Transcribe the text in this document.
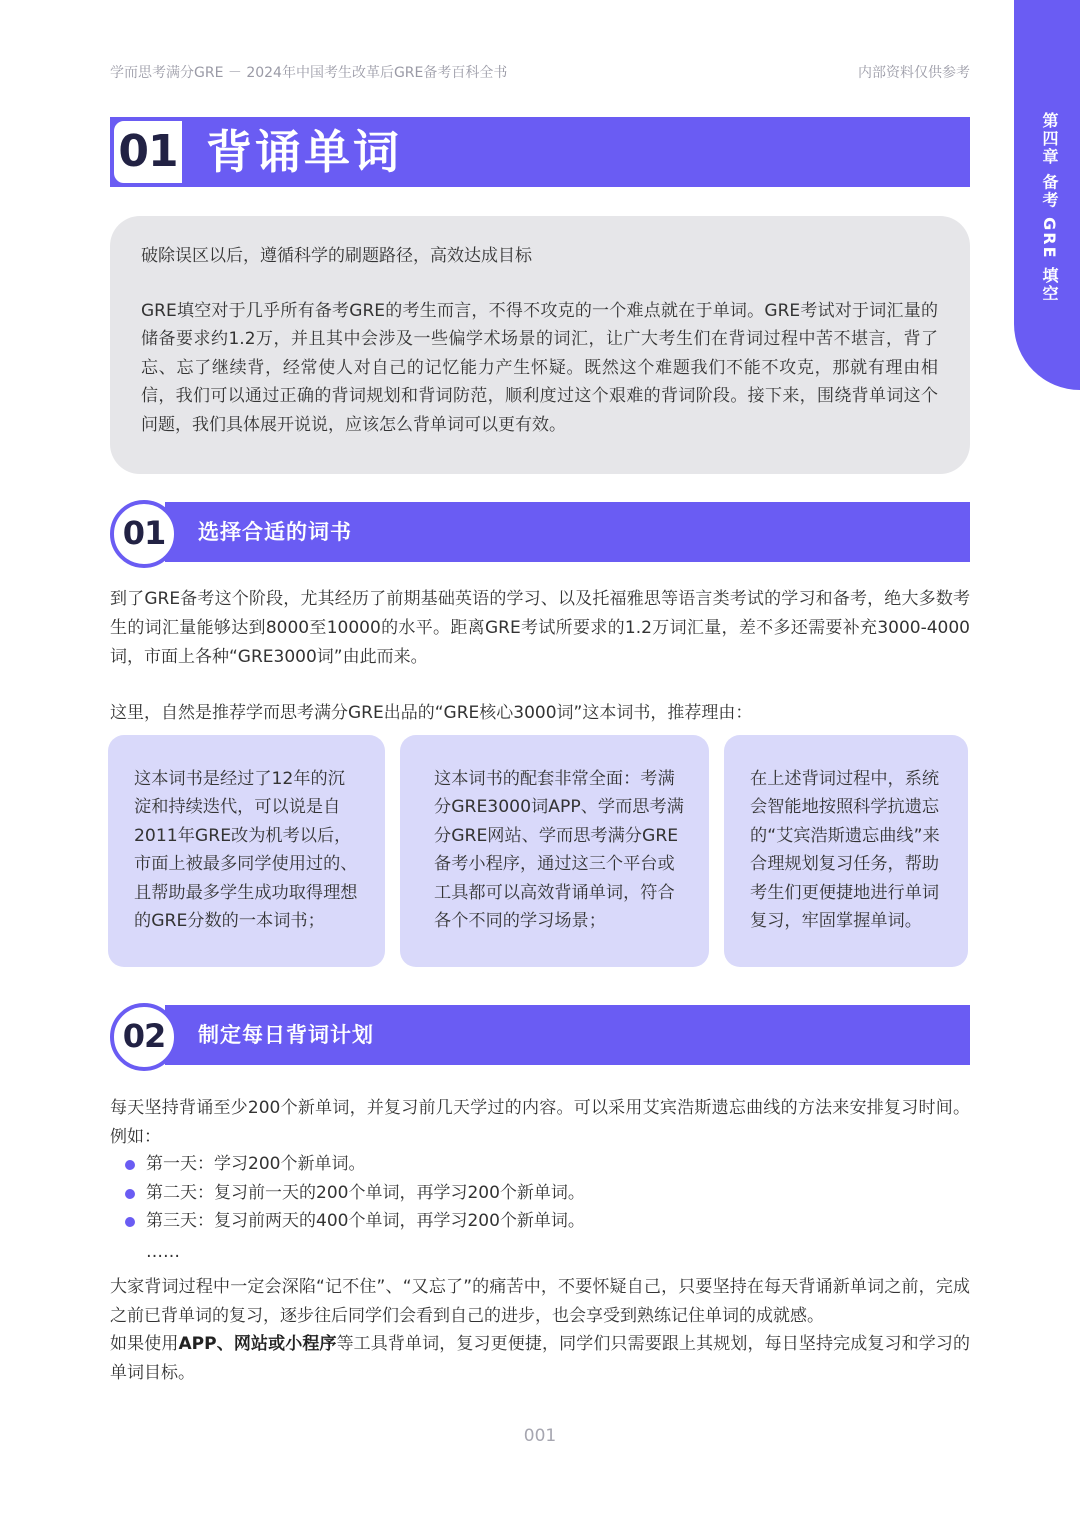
学而思考满分GRE － 2024年中国考生改革后GRE备考百科全书	内部资料仅供参考
第四章 备考 GRE 填空
01 背诵单词

破除误区以后，遵循科学的刷题路径，高效达成目标

GRE填空对于几乎所有备考GRE的考生而言，不得不攻克的一个难点就在于单词。GRE考试对于词汇量的储备要求约1.2万，并且其中会涉及一些偏学术场景的词汇，让广大考生们在背词过程中苦不堪言，背了忘、忘了继续背，经常使人对自己的记忆能力产生怀疑。既然这个难题我们不能不攻克，那就有理由相信，我们可以通过正确的背词规划和背词防范，顺利度过这个艰难的背词阶段。接下来，围绕背单词这个问题，我们具体展开说说，应该怎么背单词可以更有效。

01	选择合适的词书

到了GRE备考这个阶段，尤其经历了前期基础英语的学习、以及托福雅思等语言类考试的学习和备考，绝大多数考生的词汇量能够达到8000至10000的水平。距离GRE考试所要求的1.2万词汇量，差不多还需要补充3000-4000词，市面上各种“GRE3000词”由此而来。

这里，自然是推荐学而思考满分GRE出品的“GRE核心3000词”这本词书，推荐理由：

这本词书是经过了12年的沉淀和持续迭代，可以说是自2011年GRE改为机考以后，市面上被最多同学使用过的、且帮助最多学生成功取得理想的GRE分数的一本词书；
这本词书的配套非常全面：考满分GRE3000词APP、学而思考满分GRE网站、学而思考满分GRE备考小程序，通过这三个平台或工具都可以高效背诵单词，符合各个不同的学习场景；
在上述背词过程中，系统会智能地按照科学抗遗忘的“艾宾浩斯遗忘曲线”来合理规划复习任务，帮助考生们更便捷地进行单词复习，牢固掌握单词。
02	制定每日背词计划

每天坚持背诵至少200个新单词，并复习前几天学过的内容。可以采用艾宾浩斯遗忘曲线的方法来安排复习时间。例如：

第一天：学习200个新单词。
第二天：复习前一天的200个单词，再学习200个新单词。
第三天：复习前两天的400个单词，再学习200个新单词。
……

大家背词过程中一定会深陷“记不住”、“又忘了”的痛苦中，不要怀疑自己，只要坚持在每天背诵新单词之前，完成之前已背单词的复习，逐步往后同学们会看到自己的进步，也会享受到熟练记住单词的成就感。

如果使用APP、网站或小程序等工具背单词，复习更便捷，同学们只需要跟上其规划，每日坚持完成复习和学习的单词目标。

001
